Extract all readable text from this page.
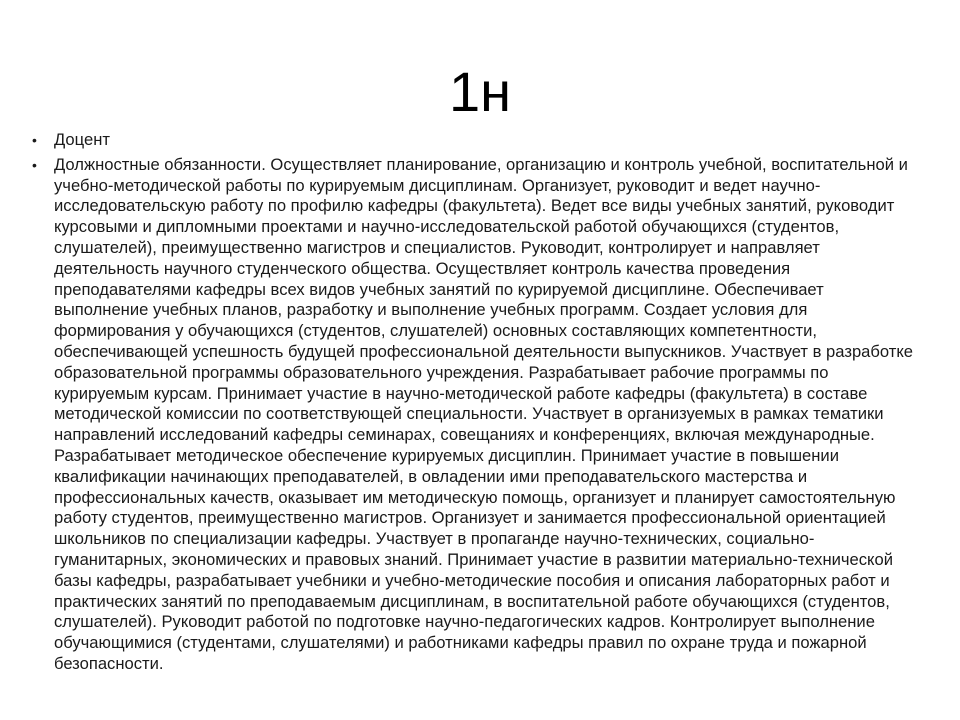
1н
•	Доцент
•	Должностные обязанности. Осуществляет планирование, организацию и контроль учебной, воспитательной и учебно-методической работы по курируемым дисциплинам. Организует, руководит и ведет научно-исследовательскую работу по профилю кафедры (факультета). Ведет все виды учебных занятий, руководит курсовыми и дипломными проектами и научно-исследовательской работой обучающихся (студентов, слушателей), преимущественно магистров и специалистов. Руководит, контролирует и направляет деятельность научного студенческого общества. Осуществляет контроль качества проведения преподавателями кафедры всех видов учебных занятий по курируемой дисциплине. Обеспечивает выполнение учебных планов, разработку и выполнение учебных программ. Создает условия для формирования у обучающихся (студентов, слушателей) основных составляющих компетентности, обеспечивающей успешность будущей профессиональной деятельности выпускников. Участвует в разработке образовательной программы образовательного учреждения. Разрабатывает рабочие программы по курируемым курсам. Принимает участие в научно-методической работе кафедры (факультета) в составе методической комиссии по соответствующей специальности. Участвует в организуемых в рамках тематики направлений исследований кафедры семинарах, совещаниях и конференциях, включая международные. Разрабатывает методическое обеспечение курируемых дисциплин. Принимает участие в повышении квалификации начинающих преподавателей, в овладении ими преподавательского мастерства и профессиональных качеств, оказывает им методическую помощь, организует и планирует самостоятельную работу студентов, преимущественно магистров. Организует и занимается профессиональной ориентацией школьников по специализации кафедры. Участвует в пропаганде научно-технических, социально-гуманитарных, экономических и правовых знаний. Принимает участие в развитии материально-технической базы кафедры, разрабатывает учебники и учебно-методические пособия и описания лабораторных работ и практических занятий по преподаваемым дисциплинам, в воспитательной работе обучающихся (студентов, слушателей). Руководит работой по подготовке научно-педагогических кадров. Контролирует выполнение обучающимися (студентами, слушателями) и работниками кафедры правил по охране труда и пожарной безопасности.
